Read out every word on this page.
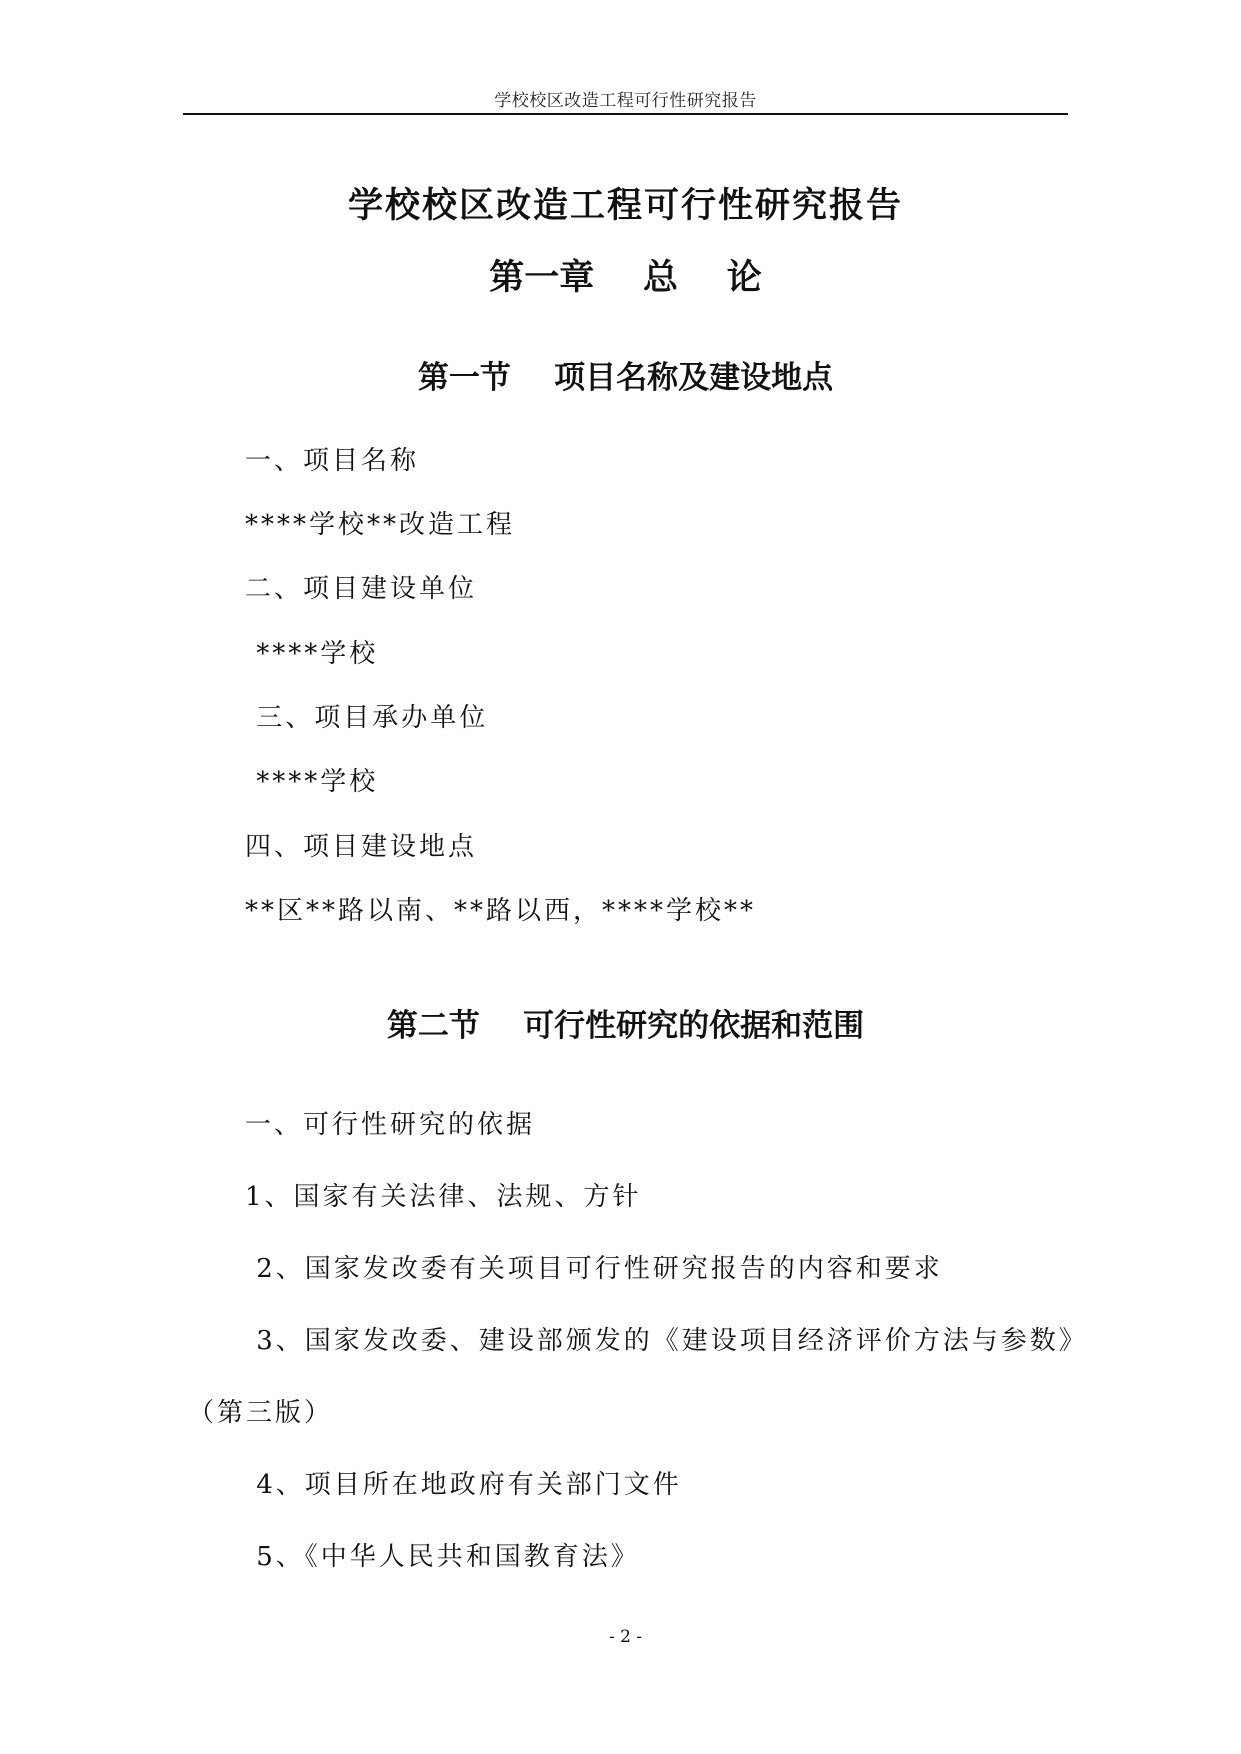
学校校区改造工程可行性研究报告
学校校区改造工程可行性研究报告
第一章    总    论
第一节    项目名称及建设地点
一、项目名称
****学校**改造工程
二、项目建设单位
****学校
三、项目承办单位
****学校
四、项目建设地点
**区**路以南、**路以西，****学校**
第二节    可行性研究的依据和范围
一、可行性研究的依据
1、国家有关法律、法规、方针
2、国家发改委有关项目可行性研究报告的内容和要求
3、国家发改委、建设部颁发的《建设项目经济评价方法与参数》
（第三版）
4、项目所在地政府有关部门文件
5、《中华人民共和国教育法》
- 2 -
